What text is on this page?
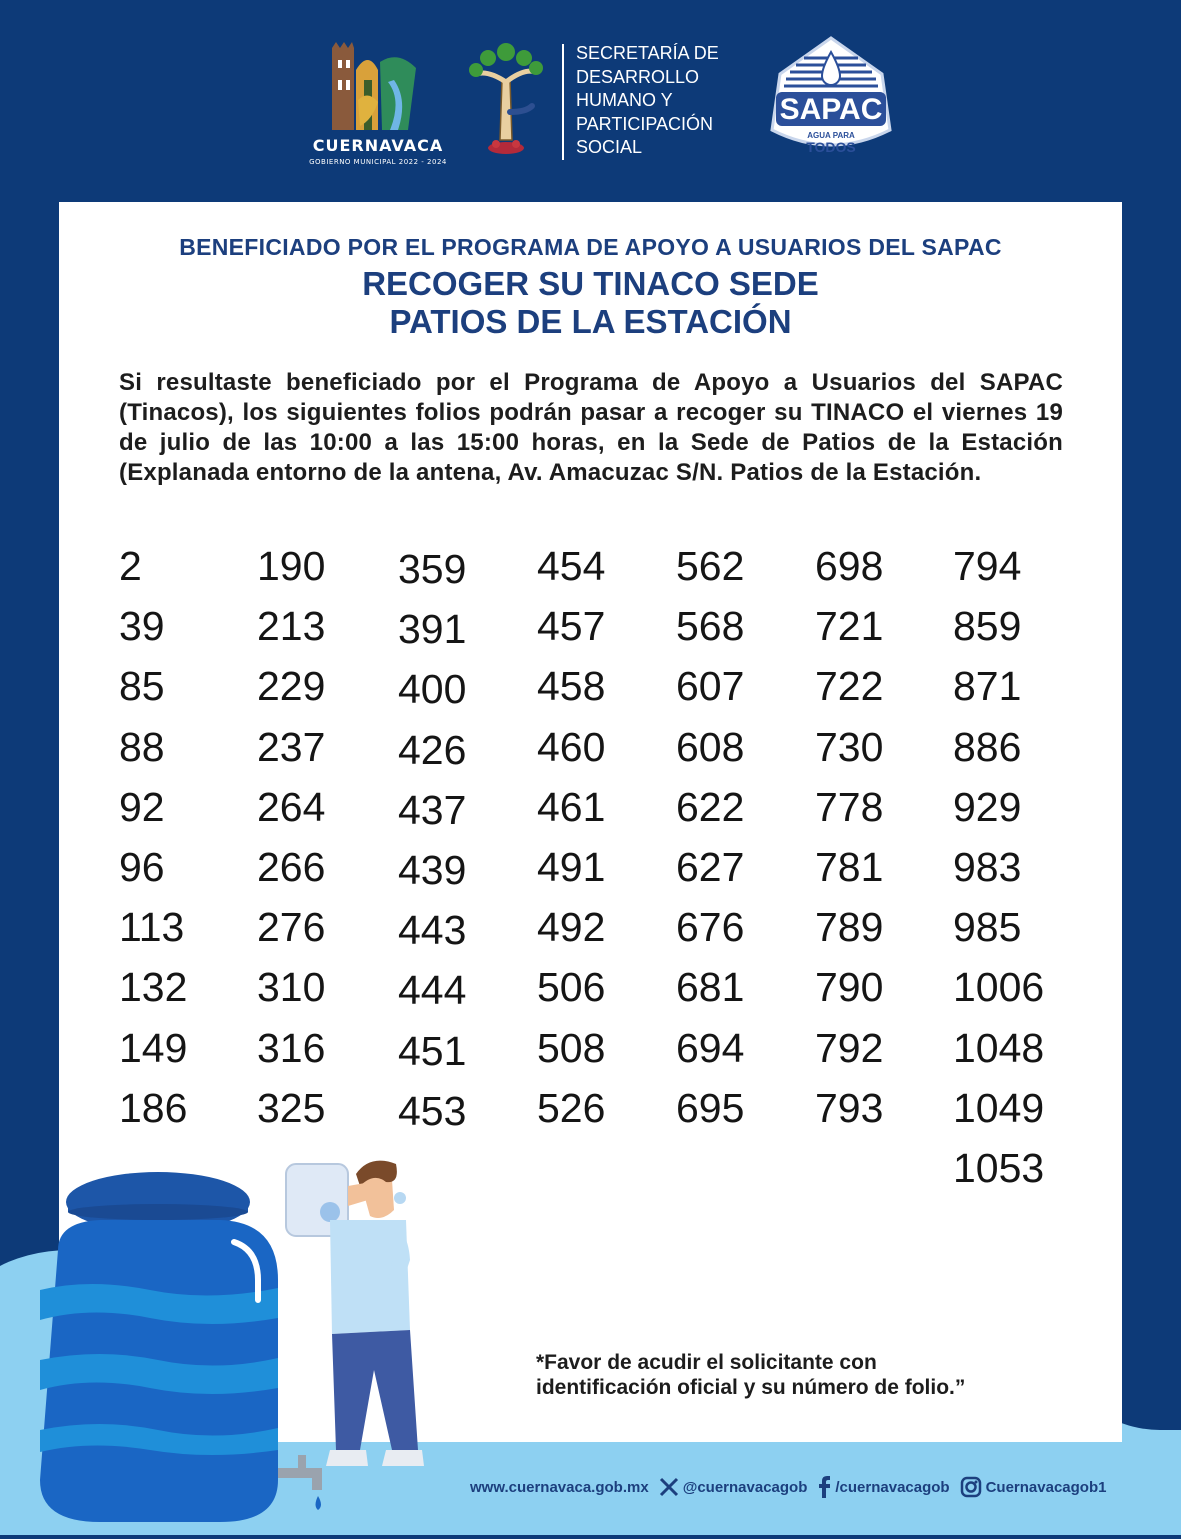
CUERNAVACA
GOBIERNO MUNICIPAL 2022 - 2024
SECRETARÍA DE
DESARROLLO
HUMANO Y
PARTICIPACIÓN
SOCIAL
SAPAC
AGUA PARA
TODOS
BENEFICIADO POR EL PROGRAMA DE APOYO A USUARIOS DEL SAPAC
RECOGER SU TINACO SEDE
PATIOS DE LA ESTACIÓN
Si resultaste beneficiado por el Programa de Apoyo a Usuarios del SAPAC (Tinacos), los siguientes folios podrán pasar a recoger su TINACO el viernes 19 de julio de las 10:00 a las 15:00 horas, en la Sede de Patios de la Estación (Explanada entorno de la antena, Av. Amacuzac S/N. Patios de la Estación.
2
39
85
88
92
96
113
132
149
186
190
213
229
237
264
266
276
310
316
325
359
391
400
426
437
439
443
444
451
453
454
457
458
460
461
491
492
506
508
526
562
568
607
608
622
627
676
681
694
695
698
721
722
730
778
781
789
790
792
793
794
859
871
886
929
983
985
1006
1048
1049
1053
*Favor de acudir el solicitante con
identificación oficial y su número de folio.”
www.cuernavaca.gob.mx @cuernavacagob /cuernavacagob Cuernavacagob1
